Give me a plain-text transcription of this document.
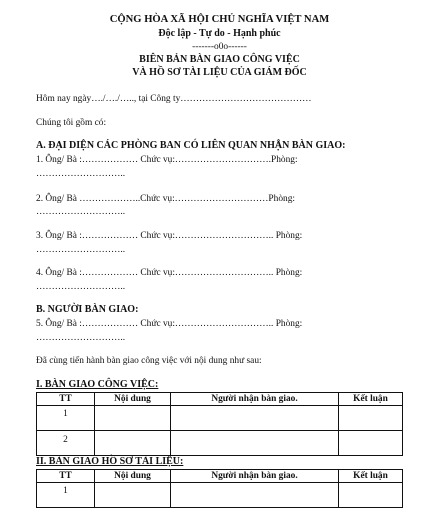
CỘNG HÒA XÃ HỘI CHỦ NGHĨA VIỆT NAM
Độc lập - Tự do - Hạnh phúc
-------o0o------
BIÊN BẢN BÀN GIAO CÔNG VIỆC
VÀ HỒ SƠ TÀI LIỆU CỦA GIÁM ĐỐC
Hôm nay ngày…./…./….., tại Công ty……………………………………
Chúng tôi gồm có:
A. ĐẠI DIỆN CÁC PHÒNG BAN CÓ LIÊN QUAN NHẬN BÀN GIAO:
1. Ông/ Bà :……………… Chức vụ:………………………….Phòng:
………………………..
2. Ông/ Bà ………………..Chức vụ:…………………………Phòng:
………………………..
3. Ông/ Bà :……………… Chức vụ:………………………….. Phòng:
………………………..
4. Ông/ Bà :……………… Chức vụ:………………………….. Phòng:
………………………..
B. NGƯỜI BÀN GIAO:
5. Ông/ Bà :……………… Chức vụ:………………………….. Phòng:
………………………..
Đã cùng tiến hành bàn giao công việc với nội dung như sau:
I. BÀN GIAO CÔNG VIỆC:
TT	Nội dung	Người nhận bàn giao.	Kết luận
1			
2			
II. BÀN GIAO HỒ SƠ TÀI LIỆU:
TT	Nội dung	Người nhận bàn giao.	Kết luận
1			
